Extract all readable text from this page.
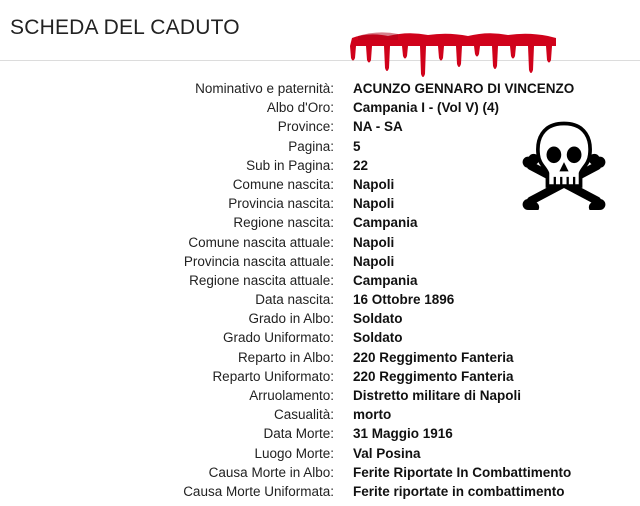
SCHEDA DEL CADUTO
Nominativo e paternità: ACUNZO GENNARO DI VINCENZO
Albo d'Oro: Campania I - (Vol V) (4)
Province: NA - SA
Pagina: 5
Sub in Pagina: 22
Comune nascita: Napoli
Provincia nascita: Napoli
Regione nascita: Campania
Comune nascita attuale: Napoli
Provincia nascita attuale: Napoli
Regione nascita attuale: Campania
Data nascita: 16 Ottobre 1896
Grado in Albo: Soldato
Grado Uniformato: Soldato
Reparto in Albo: 220 Reggimento Fanteria
Reparto Uniformato: 220 Reggimento Fanteria
Arruolamento: Distretto militare di Napoli
Casualità: morto
Data Morte: 31 Maggio 1916
Luogo Morte: Val Posina
Causa Morte in Albo: Ferite Riportate In Combattimento
Causa Morte Uniformata: Ferite riportate in combattimento
